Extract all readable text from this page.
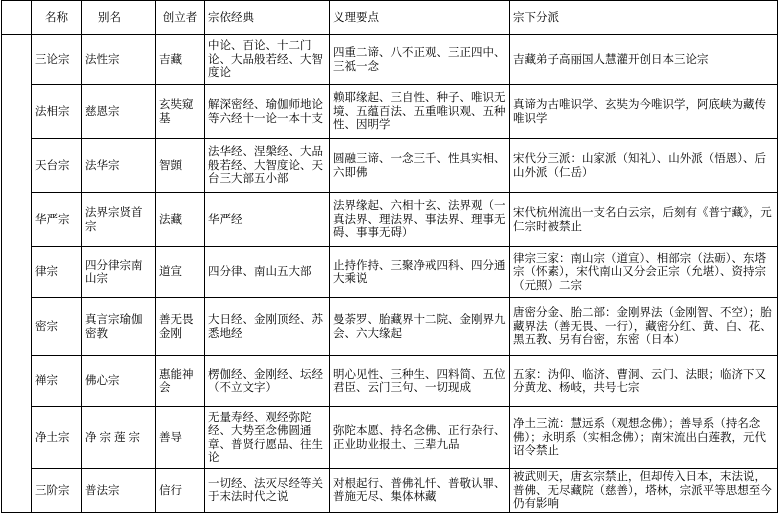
	名称	别名	创立者	宗依经典	义理要点	宗下分派
	三论宗	法性宗	吉藏	中论、百论、十二门论、大品般若经、大智度论	四重二谛、八不正观、三正四中、三祗一念	吉藏弟子高丽国人慧灌开创日本三论宗
	法相宗	慈恩宗	玄奘窥基	解深密经、瑜伽师地论等六经十一论一本十支	赖耶缘起、三自性、种子、唯识无境、五蕴百法、五重唯识观、五种性、因明学	真谛为古唯识学、玄奘为今唯识学，阿底峡为藏传唯识学
	天台宗	法华宗	智顗	法华经、涅槃经、大品般若经、大智度论、天台三大部五小部	圆融三谛、一念三千、性具实相、六即佛	宋代分三派：山家派（知礼）、山外派（悟恩）、后山外派（仁岳）
	华严宗	法界宗贤首宗	法藏	华严经	法界缘起、六相十玄、法界观（一真法界、理法界、事法界、理事无碍、事事无碍）	宋代杭州流出一支名白云宗，后刻有《普宁藏》，元仁宗时被禁止
	律宗	四分律宗南山宗	道宣	四分律、南山五大部	止持作持、三聚净戒四科、四分通大乘说	律宗三家：南山宗（道宣）、相部宗（法砺）、东塔宗（怀素），宋代南山又分会正宗（允堪）、资持宗（元照）二宗
	密宗	真言宗瑜伽密教	善无畏金刚	大日经、金刚顶经、苏悉地经	曼荼罗、胎藏界十二院、金刚界九会、六大缘起	唐密分金、胎二部：金刚界法（金刚智、不空）；胎藏界法（善无畏、一行），藏密分红、黄、白、花、黑五教、另有台密，东密（日本）
	禅宗	佛心宗	惠能神会	楞伽经、金刚经、坛经（不立文字）	明心见性、三种生、四料简、五位君臣、云门三句、一切现成	五家：沩仰、临济、曹洞、云门、法眼；临济下又分黄龙、杨岐，共号七宗
	净土宗	净宗莲宗	善导	无量寿经、观经弥陀经、大势至念佛圆通章、普贤行愿品、往生论	弥陀本愿、持名念佛、正行杂行、正业助业报土、三辈九品	净土三流：慧远系（观想念佛）；善导系（持名念佛）；永明系（实相念佛）；南宋流出白莲教，元代诏令禁止
	三阶宗	普法宗	信行	一切经、法灭尽经等关于末法时代之说	对根起行、普佛礼忏、普敬认罪、普施无尽、集体林藏	被武则天，唐玄宗禁止，但却传入日本，末法说，普佛、无尽藏院（慈善），塔林，宗派平等思想至今仍有影响
